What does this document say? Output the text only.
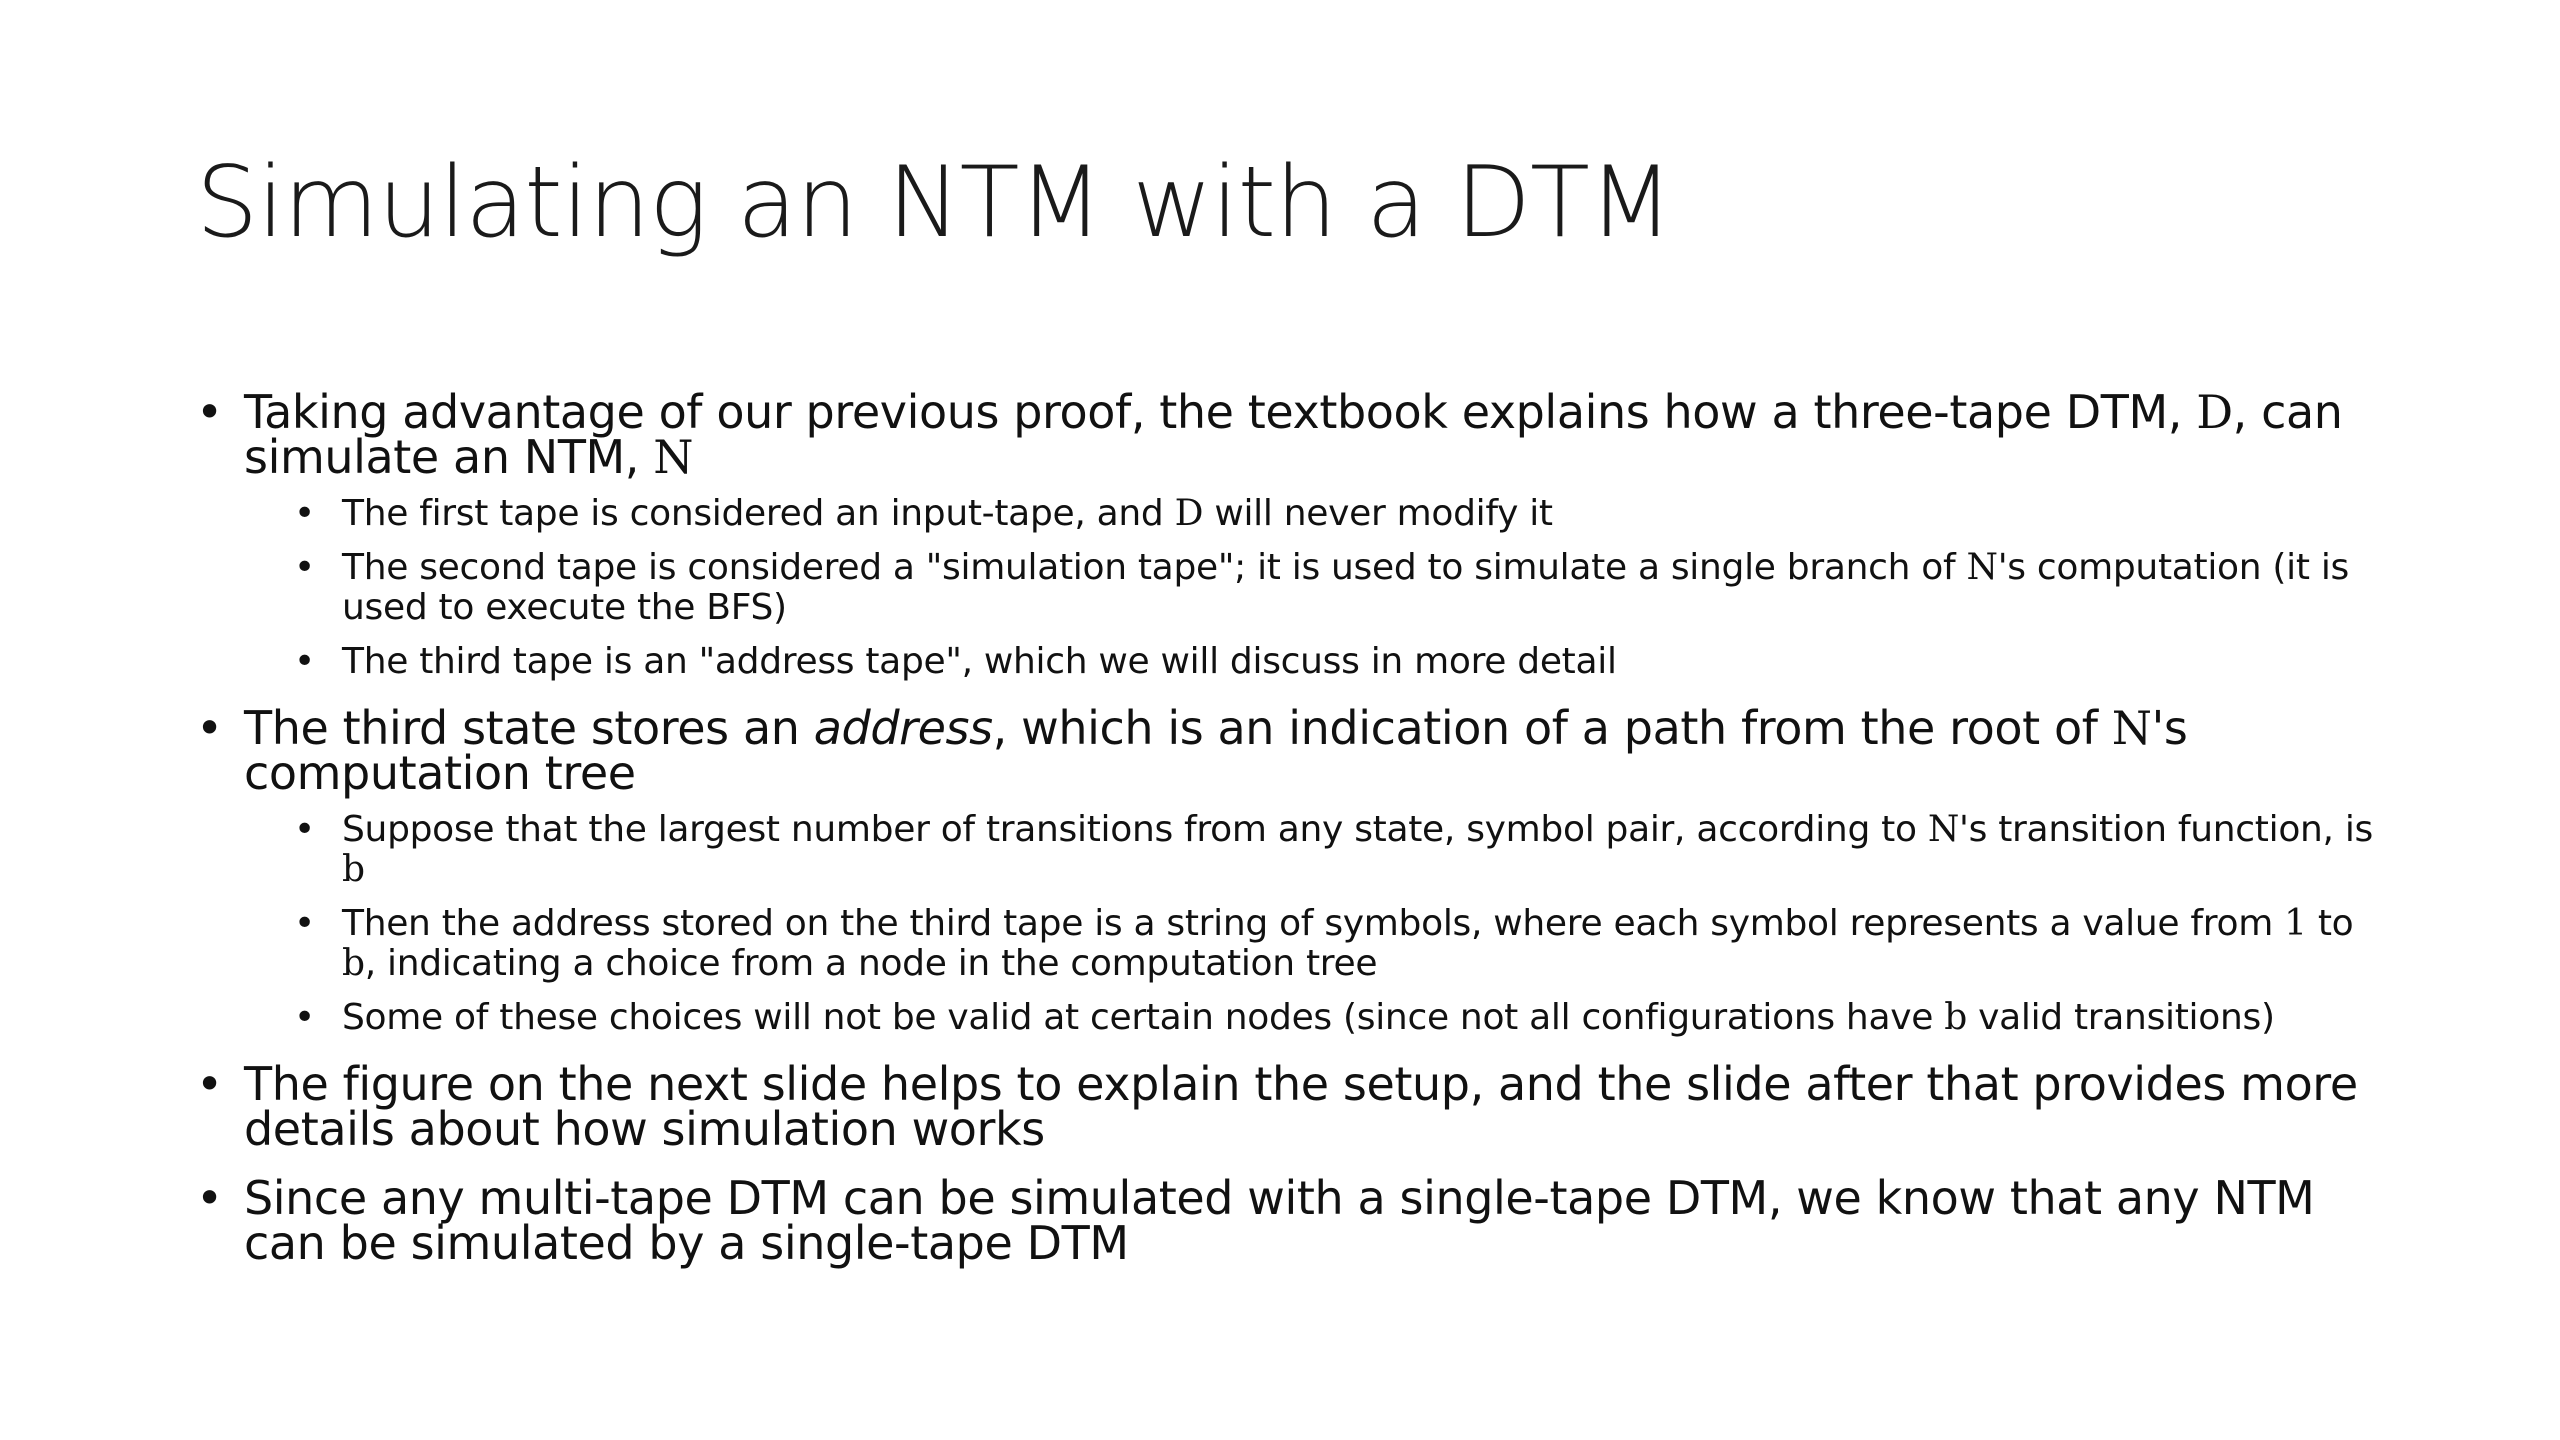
Simulating an NTM with a DTM
• Taking advantage of our previous proof, the textbook explains how a three-tape DTM, D, can simulate an NTM, N
• The first tape is considered an input-tape, and D will never modify it
• The second tape is considered a "simulation tape"; it is used to simulate a single branch of N's computation (it is used to execute the BFS)
• The third tape is an "address tape", which we will discuss in more detail
• The third state stores an address, which is an indication of a path from the root of N's computation tree
• Suppose that the largest number of transitions from any state, symbol pair, according to N's transition function, is b
• Then the address stored on the third tape is a string of symbols, where each symbol represents a value from 1 to b, indicating a choice from a node in the computation tree
• Some of these choices will not be valid at certain nodes (since not all configurations have b valid transitions)
• The figure on the next slide helps to explain the setup, and the slide after that provides more details about how simulation works
• Since any multi-tape DTM can be simulated with a single-tape DTM, we know that any NTM can be simulated by a single-tape DTM
